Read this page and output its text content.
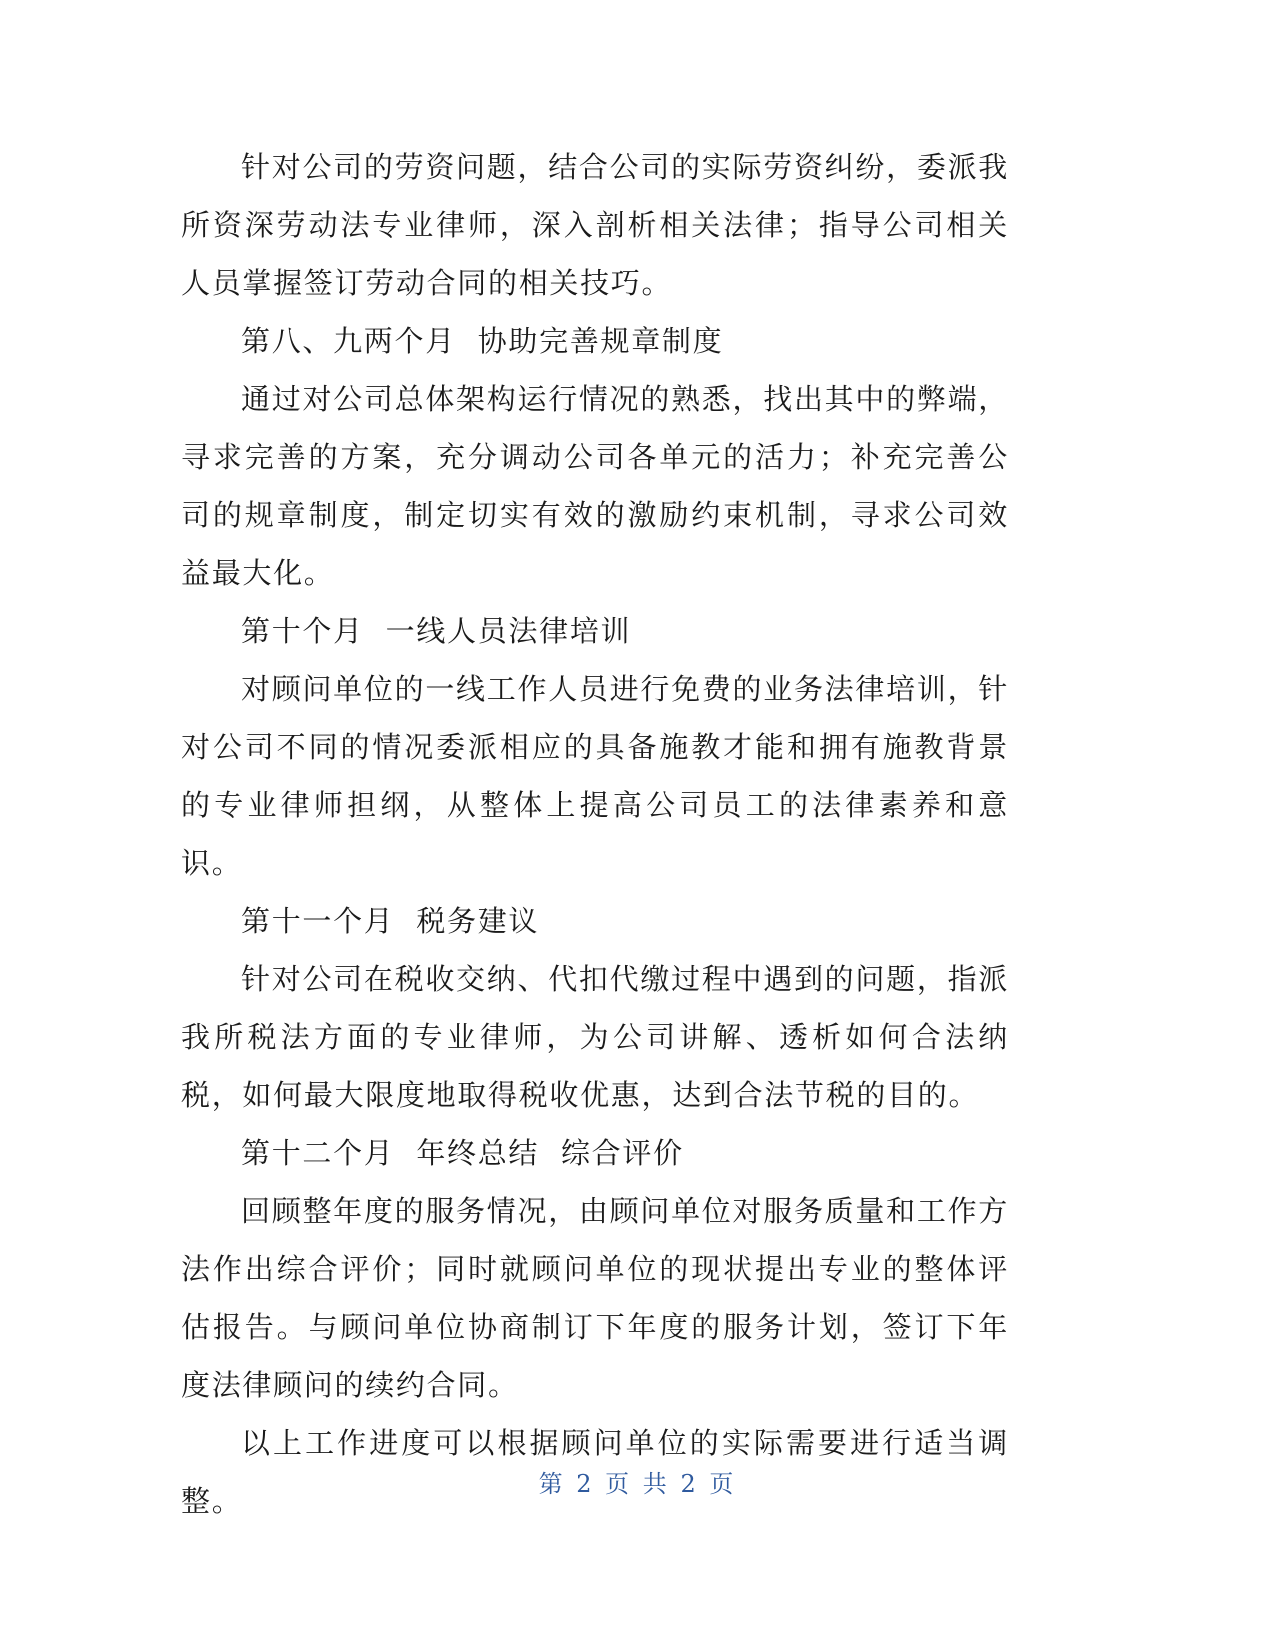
针对公司的劳资问题，结合公司的实际劳资纠纷，委派我所资深劳动法专业律师，深入剖析相关法律；指导公司相关人员掌握签订劳动合同的相关技巧。

第八、九两个月  协助完善规章制度

通过对公司总体架构运行情况的熟悉，找出其中的弊端，寻求完善的方案，充分调动公司各单元的活力；补充完善公司的规章制度，制定切实有效的激励约束机制，寻求公司效益最大化。

第十个月  一线人员法律培训

对顾问单位的一线工作人员进行免费的业务法律培训，针对公司不同的情况委派相应的具备施教才能和拥有施教背景的专业律师担纲，从整体上提高公司员工的法律素养和意识。

第十一个月  税务建议

针对公司在税收交纳、代扣代缴过程中遇到的问题，指派我所税法方面的专业律师，为公司讲解、透析如何合法纳税，如何最大限度地取得税收优惠，达到合法节税的目的。

第十二个月  年终总结  综合评价

回顾整年度的服务情况，由顾问单位对服务质量和工作方法作出综合评价；同时就顾问单位的现状提出专业的整体评估报告。与顾问单位协商制订下年度的服务计划，签订下年度法律顾问的续约合同。

以上工作进度可以根据顾问单位的实际需要进行适当调整。	第 2 页 共 2 页
